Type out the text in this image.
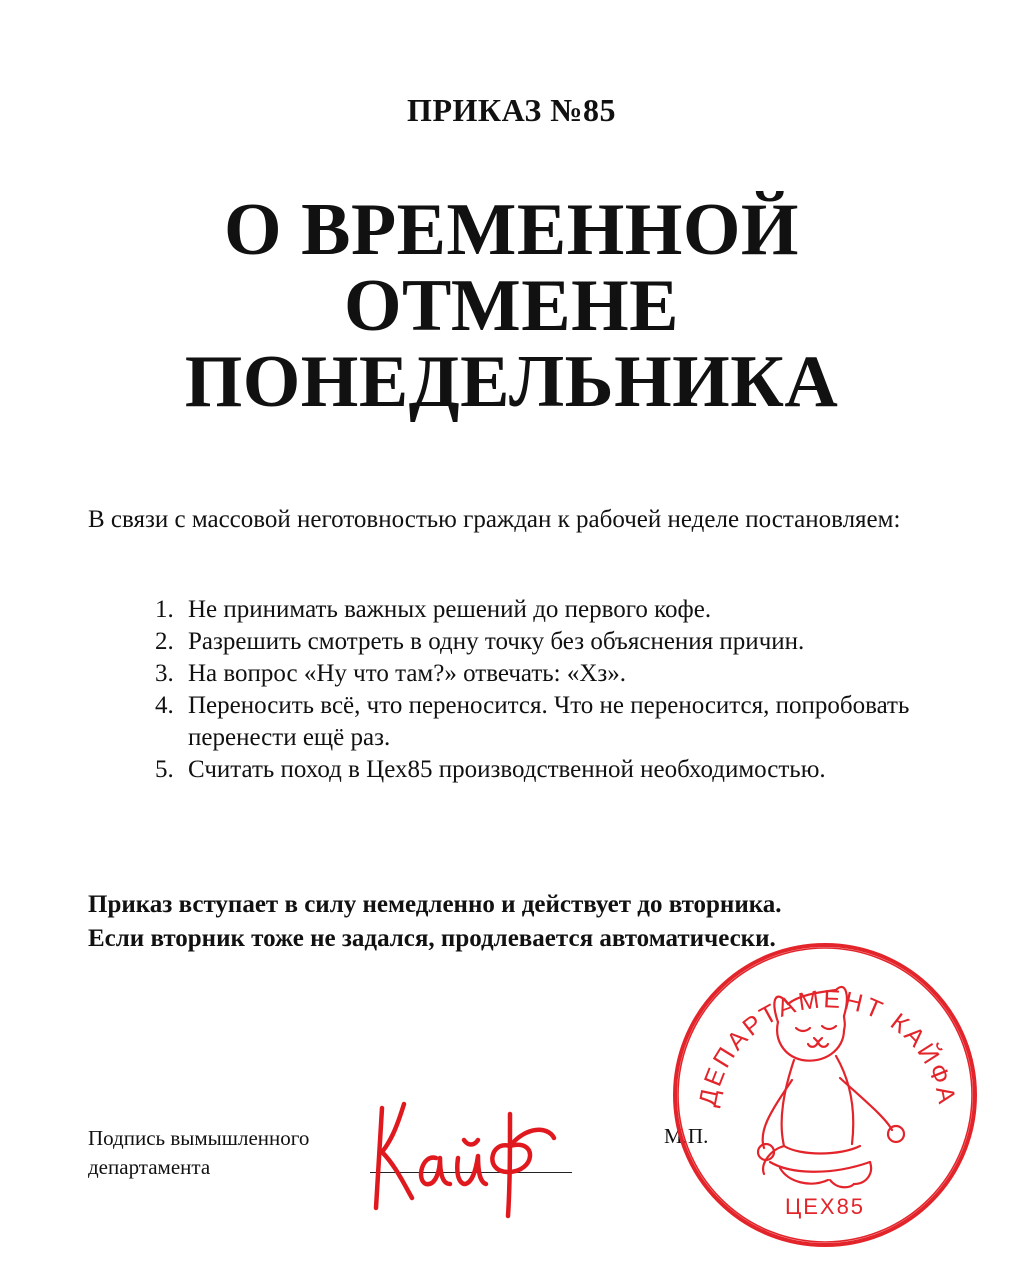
ПРИКАЗ №85
О ВРЕМЕННОЙ
ОТМЕНЕ
ПОНЕДЕЛЬНИКА
В связи с массовой неготовностью граждан к рабочей неделе постановляем:
1. Не принимать важных решений до первого кофе.
2. Разрешить смотреть в одну точку без объяснения причин.
3. На вопрос «Ну что там?» отвечать: «Хз».
4. Переносить всё, что переносится. Что не переносится, попробовать перенести ещё раз.
5. Считать поход в Цех85 производственной необходимостью.
Приказ вступает в силу немедленно и действует до вторника.
Если вторник тоже не задался, продлевается автоматически.
Подпись вымышленного
департамента
М.П.
ДЕПАРТАМЕНТ КАЙФА
ЦЕХ85
